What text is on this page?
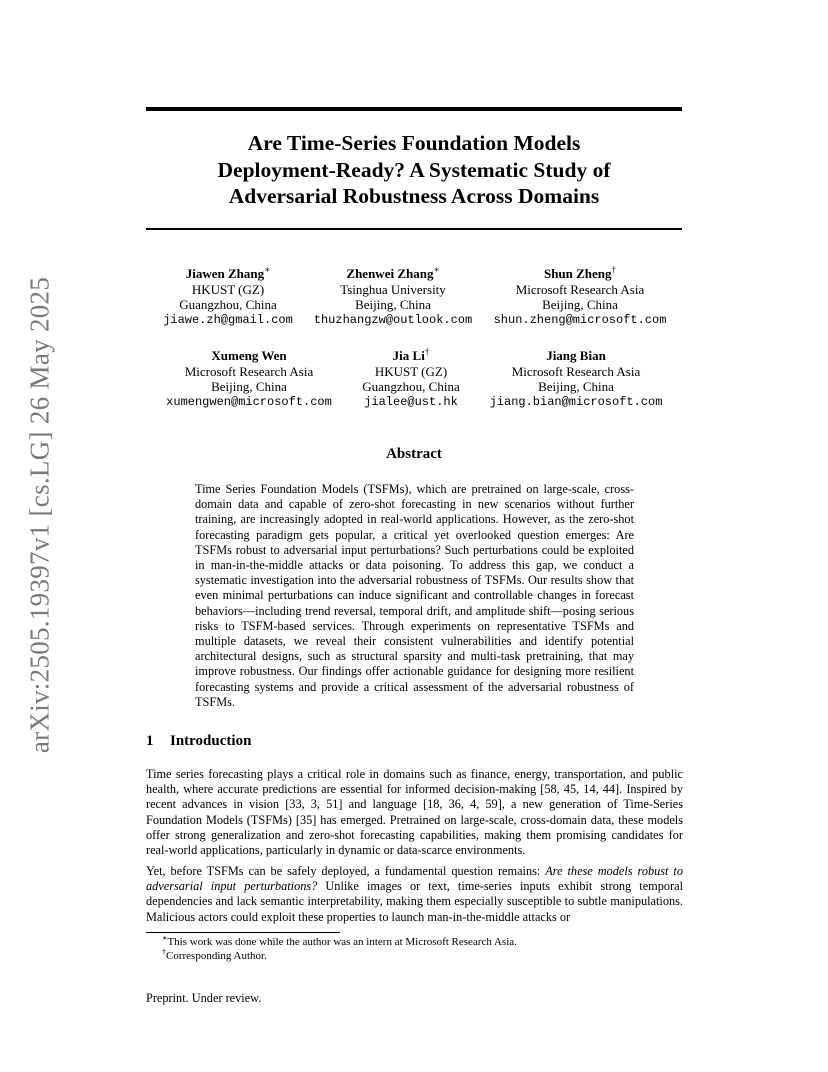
arXiv:2505.19397v1 [cs.LG] 26 May 2025
Are Time-Series Foundation Models
Deployment-Ready? A Systematic Study of
Adversarial Robustness Across Domains
Jiawen Zhang∗
HKUST (GZ)
Guangzhou, China
jiawe.zh@gmail.com
Zhenwei Zhang∗
Tsinghua University
Beijing, China
thuzhangzw@outlook.com
Shun Zheng†
Microsoft Research Asia
Beijing, China
shun.zheng@microsoft.com
Xumeng Wen
Microsoft Research Asia
Beijing, China
xumengwen@microsoft.com
Jia Li†
HKUST (GZ)
Guangzhou, China
jialee@ust.hk
Jiang Bian
Microsoft Research Asia
Beijing, China
jiang.bian@microsoft.com
Abstract

Time Series Foundation Models (TSFMs), which are pretrained on large-scale, cross-domain data and capable of zero-shot forecasting in new scenarios without further training, are increasingly adopted in real-world applications. However, as the zero-shot forecasting paradigm gets popular, a critical yet overlooked question emerges: Are TSFMs robust to adversarial input perturbations? Such perturbations could be exploited in man-in-the-middle attacks or data poisoning. To address this gap, we conduct a systematic investigation into the adversarial robustness of TSFMs. Our results show that even minimal perturbations can induce significant and controllable changes in forecast behaviors—including trend reversal, temporal drift, and amplitude shift—posing serious risks to TSFM-based services. Through experiments on representative TSFMs and multiple datasets, we reveal their consistent vulnerabilities and identify potential architectural designs, such as structural sparsity and multi-task pretraining, that may improve robustness. Our findings offer actionable guidance for designing more resilient forecasting systems and provide a critical assessment of the adversarial robustness of TSFMs.

1 Introduction

Time series forecasting plays a critical role in domains such as finance, energy, transportation, and public health, where accurate predictions are essential for informed decision-making [58, 45, 14, 44]. Inspired by recent advances in vision [33, 3, 51] and language [18, 36, 4, 59], a new generation of Time-Series Foundation Models (TSFMs) [35] has emerged. Pretrained on large-scale, cross-domain data, these models offer strong generalization and zero-shot forecasting capabilities, making them promising candidates for real-world applications, particularly in dynamic or data-scarce environments.

Yet, before TSFMs can be safely deployed, a fundamental question remains: Are these models robust to adversarial input perturbations? Unlike images or text, time-series inputs exhibit strong temporal dependencies and lack semantic interpretability, making them especially susceptible to subtle manipulations. Malicious actors could exploit these properties to launch man-in-the-middle attacks or

∗This work was done while the author was an intern at Microsoft Research Asia.
†Corresponding Author.
Preprint. Under review.
